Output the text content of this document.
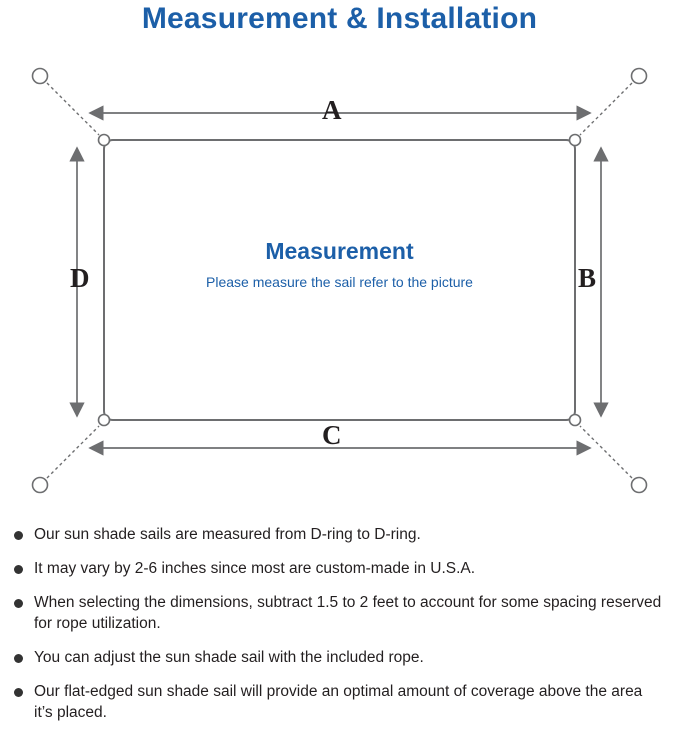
Measurement & Installation
A
B
C
D
Measurement
Please measure the sail refer to the picture
Our sun shade sails are measured from D-ring to D-ring.
It may vary by 2-6 inches since most are custom-made in U.S.A.
When selecting the dimensions, subtract 1.5 to 2 feet to account for some spacing reserved for rope utilization.
You can adjust the sun shade sail with the included rope.
Our flat-edged sun shade sail will provide an optimal amount of coverage above the area it’s placed.
